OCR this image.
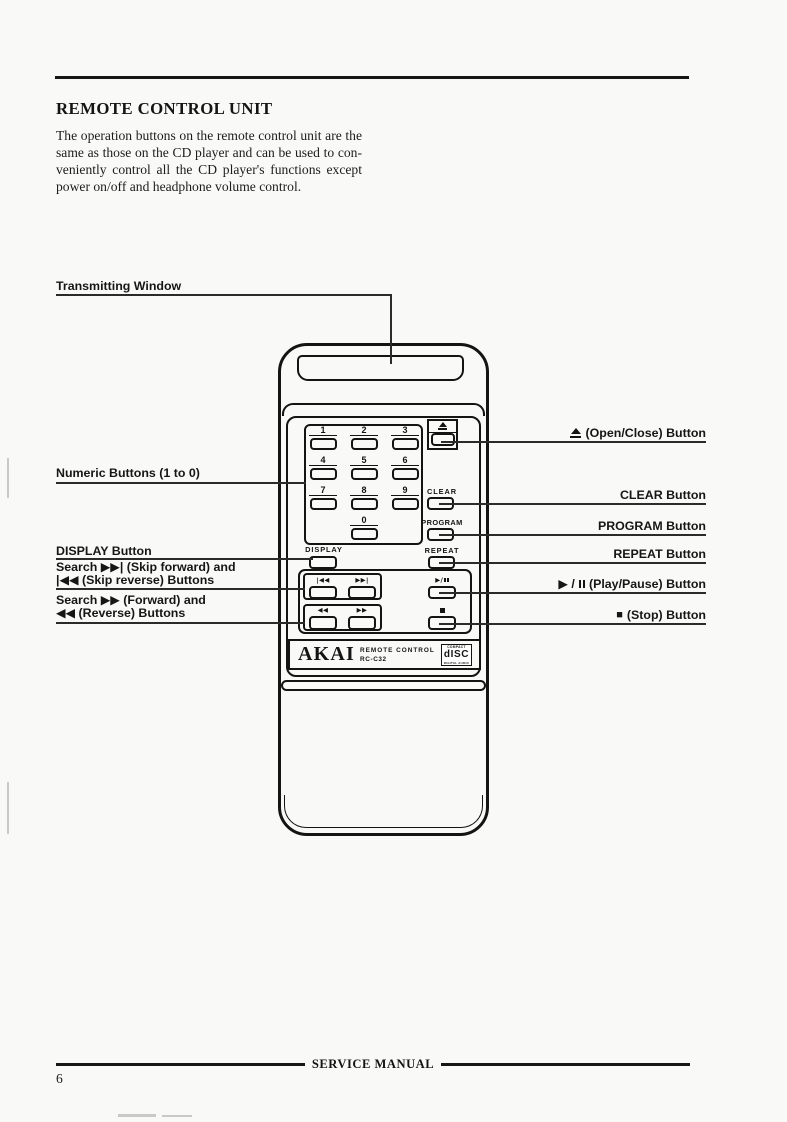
REMOTE CONTROL UNIT
The operation buttons on the remote control unit are the
same as those on the CD player and can be used to con-
veniently control all the CD player's functions except
power on/off and headphone volume control.
Transmitting Window
Numeric Buttons (1 to 0)
DISPLAY Button
Search ▶▶| (Skip forward) and
|◀◀ (Skip reverse) Buttons
Search ▶▶ (Forward) and
◀◀ (Reverse) Buttons
(Open/Close) Button
CLEAR Button
PROGRAM Button
REPEAT Button
▶ / (Play/Pause) Button
■ (Stop) Button
1	2	3
4	5	6
7	8	9
0
CLEAR
PROGRAM
DISPLAY	REPEAT
|◀◀	▶▶|
◀◀	▶▶
▶/
AKAI REMOTE CONTROL
RC-C32
COMPACT
dISC
DIGITAL AUDIO
SERVICE MANUAL
6
